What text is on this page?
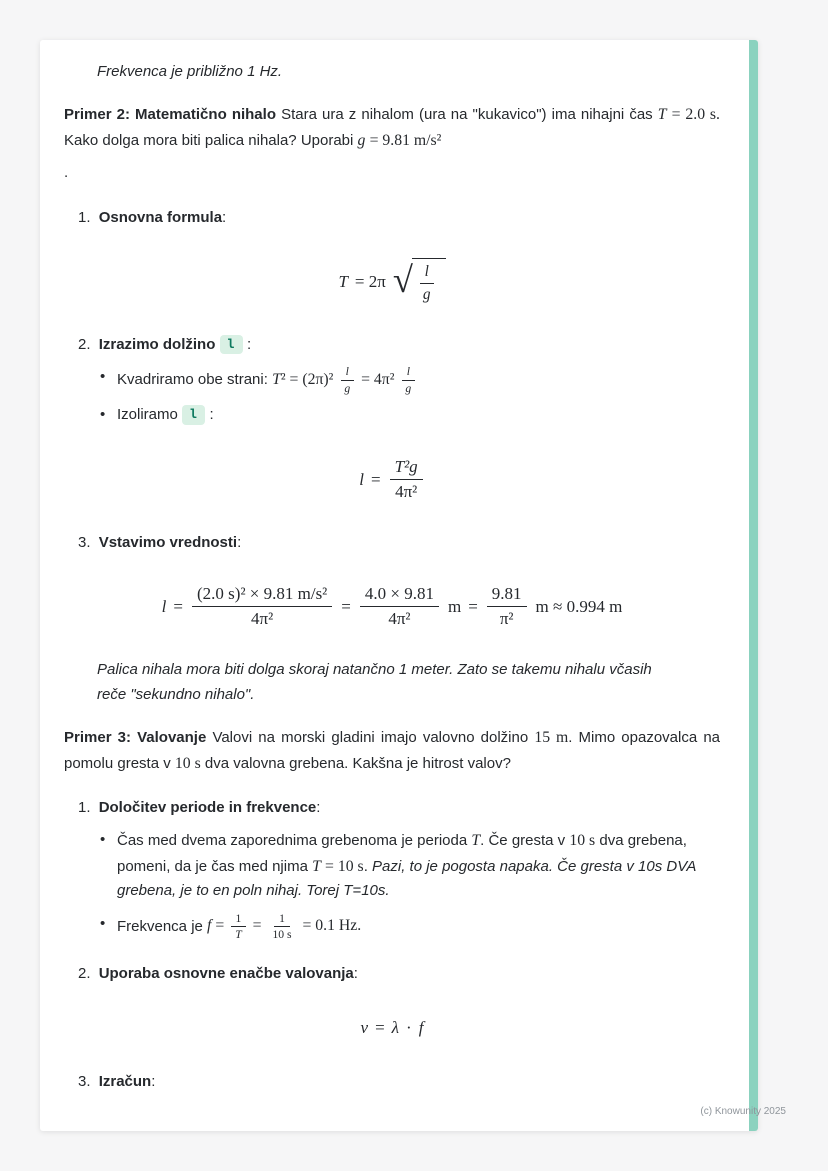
Frekvenca je približno 1 Hz.

Primer 2: Matematično nihalo Stara ura z nihalom (ura na "kukavico") ima nihajni čas T = 2.0 s. Kako dolga mora biti palica nihala? Uporabi g = 9.81 m/s²

.

1. Osnovna formula:
T = 2π √ $\frac{l}{g}$
2. Izrazimo dolžino l :
• Kvadriramo obe strani: $T^2 = (2\pi)^2 \frac{l}{g} = 4\pi^2 \frac{l}{g}$
• Izoliramo l :
$l = \frac{\text{T²g}}{\text{4π²}}$
3. Vstavimo vrednosti:
$l = \frac{\text{(2.0 s)² × 9.81 m/s²}}{\text{4π²}} = \frac{4.0 \times 9.81}{\text{4π²}}$ $m = \frac{9.81}{\text{π²}}$ m ≈ 0.994 m

Palica nihala mora biti dolga skoraj natančno 1 meter. Zato se takemu nihalu včasih reče "sekundno nihalo".

Primer 3: Valovanje Valovi na morski gladini imajo valovno dolžino 15 m. Mimo opazovalca na pomolu gresta v 10 s dva valovna grebena. Kakšna je hitrost valov?

1. Določitev periode in frekvence:
• Čas med dvema zaporednima grebenoma je perioda T. Če gresta v 10 s dva grebena, pomeni, da je čas med njima T = 10 s. Pazi, to je pogosta napaka. Če gresta v 10s DVA grebena, je to en poln nihaj. Torej T=10s.
• Frekvenca je $f = \frac{1}{T} = \frac{1}{10 s} = 0.1$ Hz.
2. Uporaba osnovne enačbe valovanja:
v = λ · f
3. Izračun:
(c) Knowunity 2025
